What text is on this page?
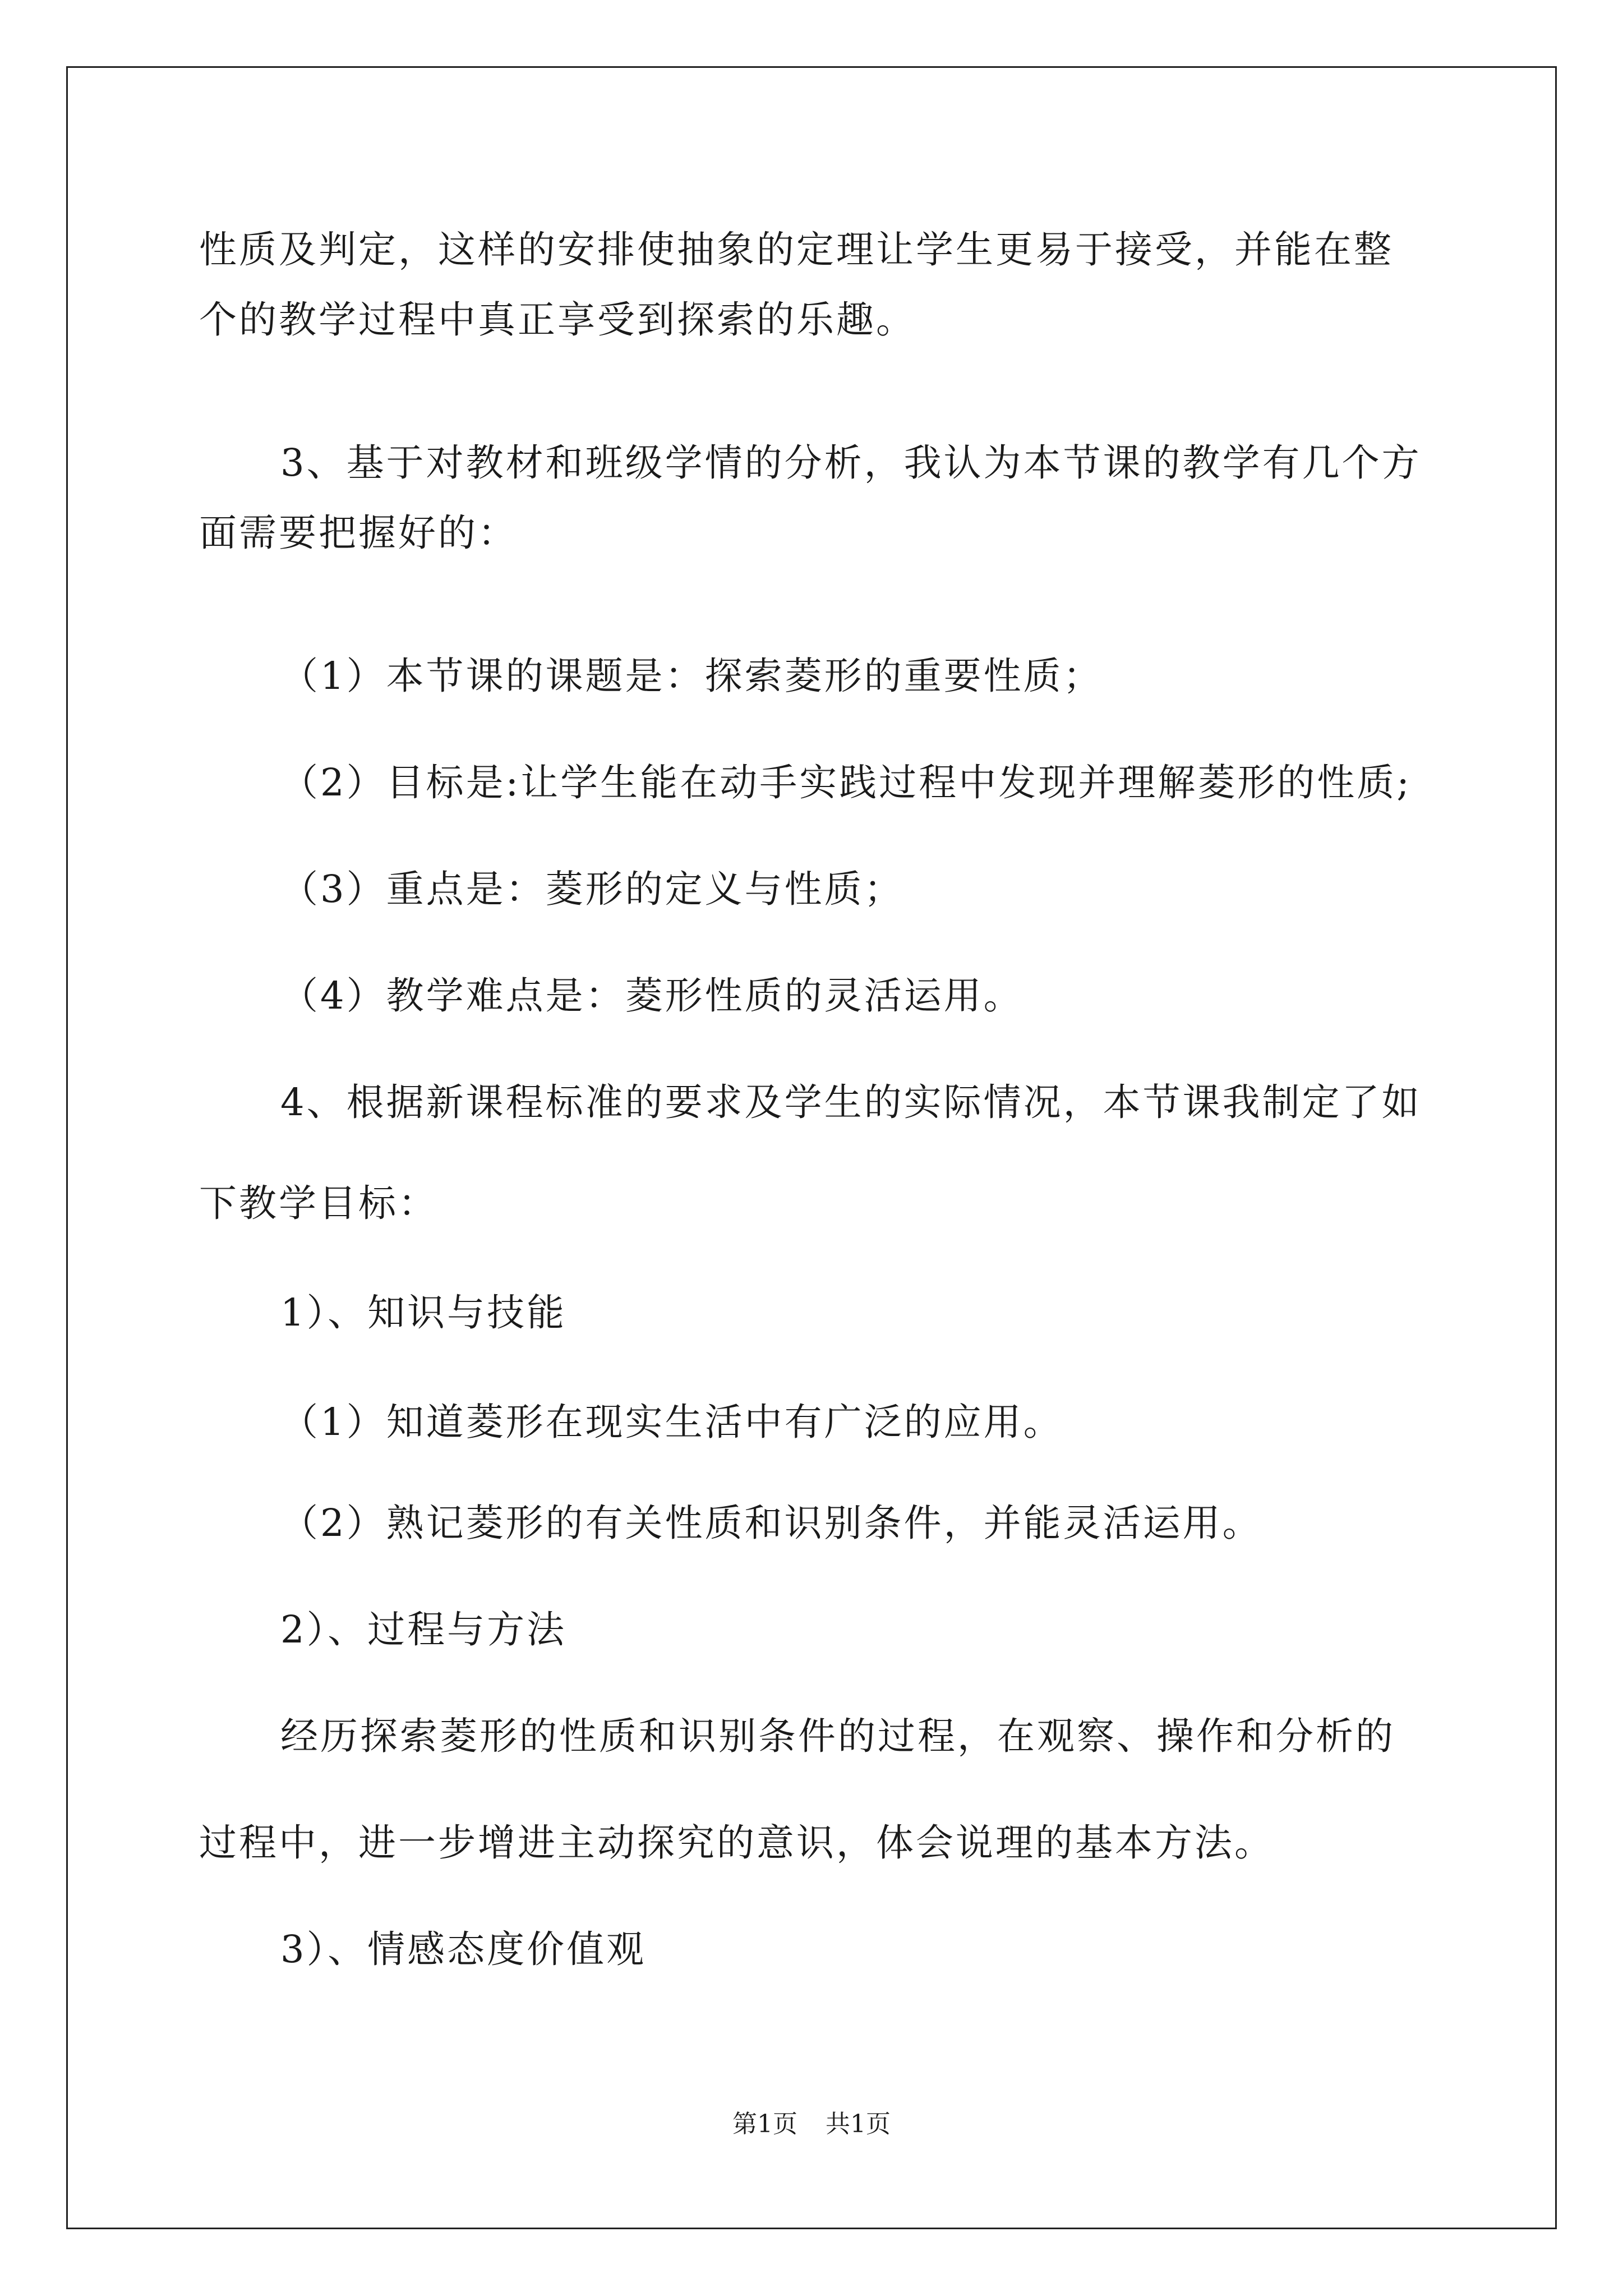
性质及判定，这样的安排使抽象的定理让学生更易于接受，并能在整
个的教学过程中真正享受到探索的乐趣。
3、基于对教材和班级学情的分析，我认为本节课的教学有几个方
面需要把握好的：
（1）本节课的课题是：探索菱形的重要性质；
（2）目标是:让学生能在动手实践过程中发现并理解菱形的性质;
（3）重点是：菱形的定义与性质；
（4）教学难点是：菱形性质的灵活运用。
4、根据新课程标准的要求及学生的实际情况，本节课我制定了如
下教学目标：
1）、知识与技能
（1）知道菱形在现实生活中有广泛的应用。
（2）熟记菱形的有关性质和识别条件，并能灵活运用。
2）、过程与方法
经历探索菱形的性质和识别条件的过程，在观察、操作和分析的
过程中，进一步增进主动探究的意识，体会说理的基本方法。
3）、情感态度价值观
第1页 共1页
